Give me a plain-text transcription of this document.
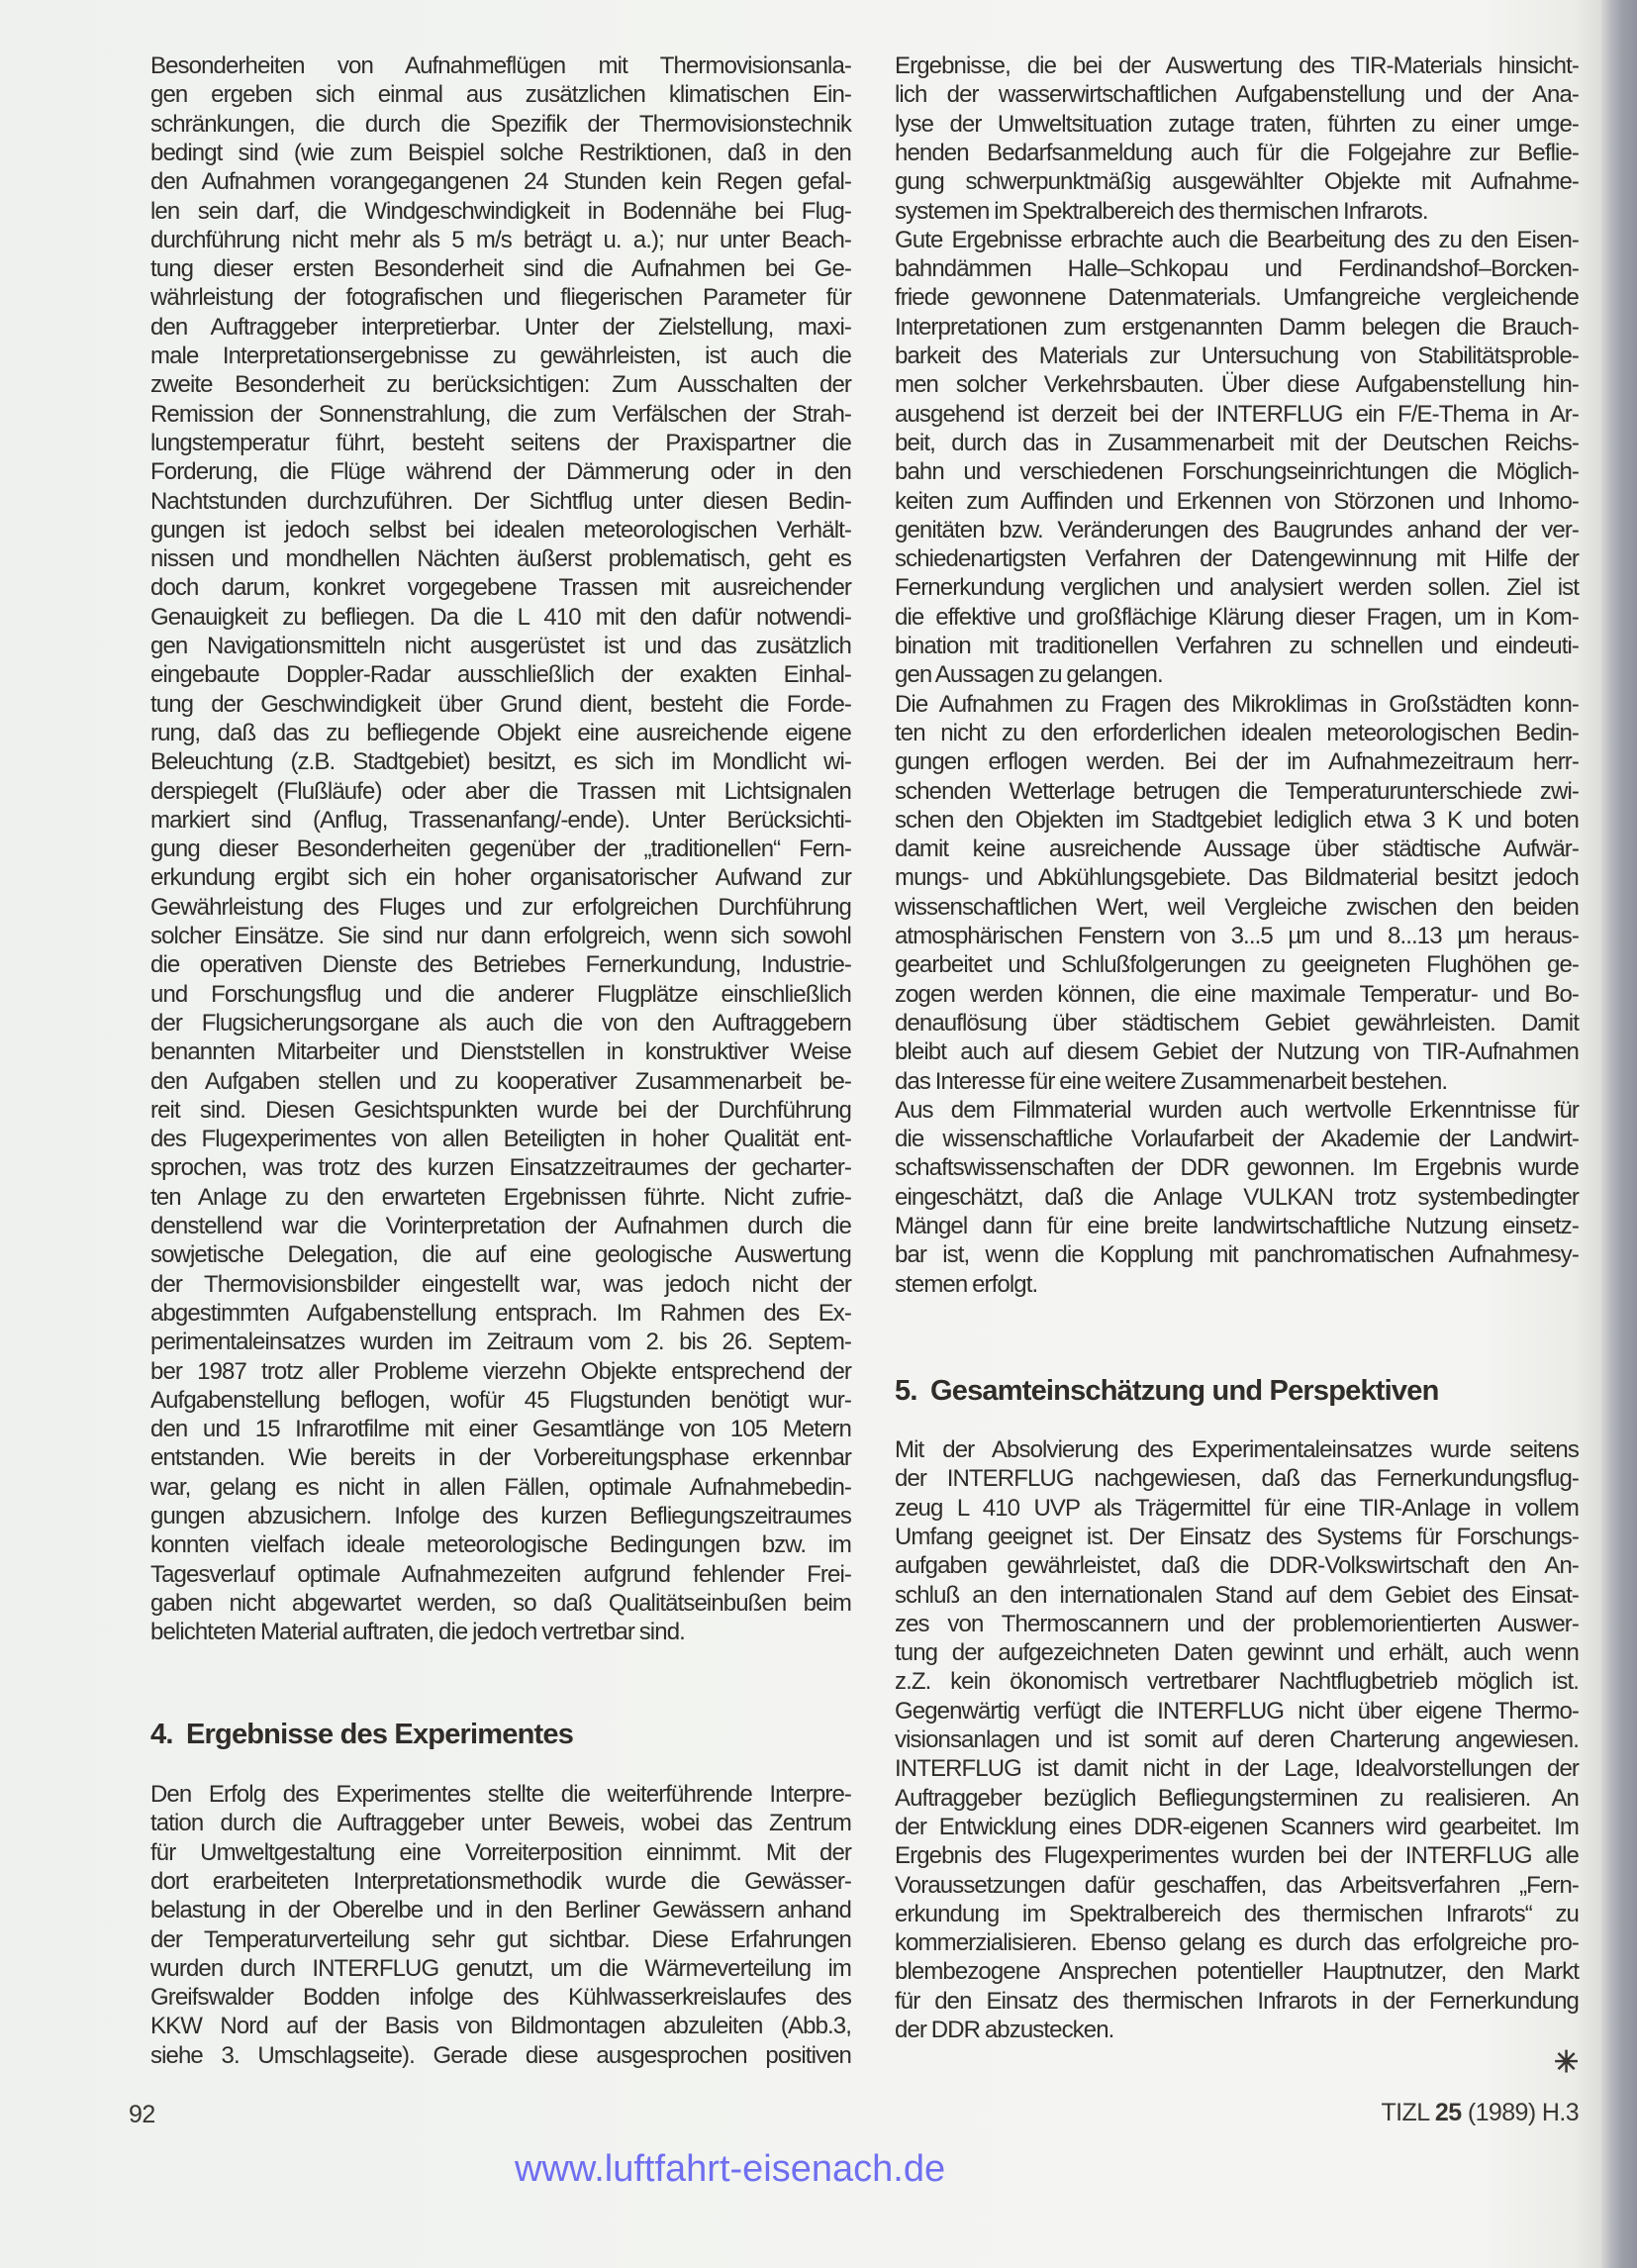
Besonderheiten von Aufnahmeflügen mit Thermovisionsanla-
gen ergeben sich einmal aus zusätzlichen klimatischen Ein-
schränkungen, die durch die Spezifik der Thermovisionstechnik
bedingt sind (wie zum Beispiel solche Restriktionen, daß in den
den Aufnahmen vorangegangenen 24 Stunden kein Regen gefal-
len sein darf, die Windgeschwindigkeit in Bodennähe bei Flug-
durchführung nicht mehr als 5 m/s beträgt u. a.); nur unter Beach-
tung dieser ersten Besonderheit sind die Aufnahmen bei Ge-
währleistung der fotografischen und fliegerischen Parameter für
den Auftraggeber interpretierbar. Unter der Zielstellung, maxi-
male Interpretationsergebnisse zu gewährleisten, ist auch die
zweite Besonderheit zu berücksichtigen: Zum Ausschalten der
Remission der Sonnenstrahlung, die zum Verfälschen der Strah-
lungstemperatur führt, besteht seitens der Praxispartner die
Forderung, die Flüge während der Dämmerung oder in den
Nachtstunden durchzuführen. Der Sichtflug unter diesen Bedin-
gungen ist jedoch selbst bei idealen meteorologischen Verhält-
nissen und mondhellen Nächten äußerst problematisch, geht es
doch darum, konkret vorgegebene Trassen mit ausreichender
Genauigkeit zu befliegen. Da die L 410 mit den dafür notwendi-
gen Navigationsmitteln nicht ausgerüstet ist und das zusätzlich
eingebaute Doppler-Radar ausschließlich der exakten Einhal-
tung der Geschwindigkeit über Grund dient, besteht die Forde-
rung, daß das zu befliegende Objekt eine ausreichende eigene
Beleuchtung (z.B. Stadtgebiet) besitzt, es sich im Mondlicht wi-
derspiegelt (Flußläufe) oder aber die Trassen mit Lichtsignalen
markiert sind (Anflug, Trassenanfang/-ende). Unter Berücksichti-
gung dieser Besonderheiten gegenüber der „traditionellen“ Fern-
erkundung ergibt sich ein hoher organisatorischer Aufwand zur
Gewährleistung des Fluges und zur erfolgreichen Durchführung
solcher Einsätze. Sie sind nur dann erfolgreich, wenn sich sowohl
die operativen Dienste des Betriebes Fernerkundung, Industrie-
und Forschungsflug und die anderer Flugplätze einschließlich
der Flugsicherungsorgane als auch die von den Auftraggebern
benannten Mitarbeiter und Dienststellen in konstruktiver Weise
den Aufgaben stellen und zu kooperativer Zusammenarbeit be-
reit sind. Diesen Gesichtspunkten wurde bei der Durchführung
des Flugexperimentes von allen Beteiligten in hoher Qualität ent-
sprochen, was trotz des kurzen Einsatzzeitraumes der gecharter-
ten Anlage zu den erwarteten Ergebnissen führte. Nicht zufrie-
denstellend war die Vorinterpretation der Aufnahmen durch die
sowjetische Delegation, die auf eine geologische Auswertung
der Thermovisionsbilder eingestellt war, was jedoch nicht der
abgestimmten Aufgabenstellung entsprach. Im Rahmen des Ex-
perimentaleinsatzes wurden im Zeitraum vom 2. bis 26. Septem-
ber 1987 trotz aller Probleme vierzehn Objekte entsprechend der
Aufgabenstellung beflogen, wofür 45 Flugstunden benötigt wur-
den und 15 Infrarotfilme mit einer Gesamtlänge von 105 Metern
entstanden. Wie bereits in der Vorbereitungsphase erkennbar
war, gelang es nicht in allen Fällen, optimale Aufnahmebedin-
gungen abzusichern. Infolge des kurzen Befliegungszeitraumes
konnten vielfach ideale meteorologische Bedingungen bzw. im
Tagesverlauf optimale Aufnahmezeiten aufgrund fehlender Frei-
gaben nicht abgewartet werden, so daß Qualitätseinbußen beim
belichteten Material auftraten, die jedoch vertretbar sind.
4. Ergebnisse des Experimentes
Den Erfolg des Experimentes stellte die weiterführende Interpre-
tation durch die Auftraggeber unter Beweis, wobei das Zentrum
für Umweltgestaltung eine Vorreiterposition einnimmt. Mit der
dort erarbeiteten Interpretationsmethodik wurde die Gewässer-
belastung in der Oberelbe und in den Berliner Gewässern anhand
der Temperaturverteilung sehr gut sichtbar. Diese Erfahrungen
wurden durch INTERFLUG genutzt, um die Wärmeverteilung im
Greifswalder Bodden infolge des Kühlwasserkreislaufes des
KKW Nord auf der Basis von Bildmontagen abzuleiten (Abb.3,
siehe 3. Umschlagseite). Gerade diese ausgesprochen positiven
Ergebnisse, die bei der Auswertung des TIR-Materials hinsicht-
lich der wasserwirtschaftlichen Aufgabenstellung und der Ana-
lyse der Umweltsituation zutage traten, führten zu einer umge-
henden Bedarfsanmeldung auch für die Folgejahre zur Beflie-
gung schwerpunktmäßig ausgewählter Objekte mit Aufnahme-
systemen im Spektralbereich des thermischen Infrarots.
Gute Ergebnisse erbrachte auch die Bearbeitung des zu den Eisen-
bahndämmen Halle–Schkopau und Ferdinandshof–Borcken-
friede gewonnene Datenmaterials. Umfangreiche vergleichende
Interpretationen zum erstgenannten Damm belegen die Brauch-
barkeit des Materials zur Untersuchung von Stabilitätsproble-
men solcher Verkehrsbauten. Über diese Aufgabenstellung hin-
ausgehend ist derzeit bei der INTERFLUG ein F/E-Thema in Ar-
beit, durch das in Zusammenarbeit mit der Deutschen Reichs-
bahn und verschiedenen Forschungseinrichtungen die Möglich-
keiten zum Auffinden und Erkennen von Störzonen und Inhomo-
genitäten bzw. Veränderungen des Baugrundes anhand der ver-
schiedenartigsten Verfahren der Datengewinnung mit Hilfe der
Fernerkundung verglichen und analysiert werden sollen. Ziel ist
die effektive und großflächige Klärung dieser Fragen, um in Kom-
bination mit traditionellen Verfahren zu schnellen und eindeuti-
gen Aussagen zu gelangen.
Die Aufnahmen zu Fragen des Mikroklimas in Großstädten konn-
ten nicht zu den erforderlichen idealen meteorologischen Bedin-
gungen erflogen werden. Bei der im Aufnahmezeitraum herr-
schenden Wetterlage betrugen die Temperaturunterschiede zwi-
schen den Objekten im Stadtgebiet lediglich etwa 3 K und boten
damit keine ausreichende Aussage über städtische Aufwär-
mungs- und Abkühlungsgebiete. Das Bildmaterial besitzt jedoch
wissenschaftlichen Wert, weil Vergleiche zwischen den beiden
atmosphärischen Fenstern von 3...5 µm und 8...13 µm heraus-
gearbeitet und Schlußfolgerungen zu geeigneten Flughöhen ge-
zogen werden können, die eine maximale Temperatur- und Bo-
denauflösung über städtischem Gebiet gewährleisten. Damit
bleibt auch auf diesem Gebiet der Nutzung von TIR-Aufnahmen
das Interesse für eine weitere Zusammenarbeit bestehen.
Aus dem Filmmaterial wurden auch wertvolle Erkenntnisse für
die wissenschaftliche Vorlaufarbeit der Akademie der Landwirt-
schaftswissenschaften der DDR gewonnen. Im Ergebnis wurde
eingeschätzt, daß die Anlage VULKAN trotz systembedingter
Mängel dann für eine breite landwirtschaftliche Nutzung einsetz-
bar ist, wenn die Kopplung mit panchromatischen Aufnahmesy-
stemen erfolgt.
5. Gesamteinschätzung und Perspektiven
Mit der Absolvierung des Experimentaleinsatzes wurde seitens
der INTERFLUG nachgewiesen, daß das Fernerkundungsflug-
zeug L 410 UVP als Trägermittel für eine TIR-Anlage in vollem
Umfang geeignet ist. Der Einsatz des Systems für Forschungs-
aufgaben gewährleistet, daß die DDR-Volkswirtschaft den An-
schluß an den internationalen Stand auf dem Gebiet des Einsat-
zes von Thermoscannern und der problemorientierten Auswer-
tung der aufgezeichneten Daten gewinnt und erhält, auch wenn
z.Z. kein ökonomisch vertretbarer Nachtflugbetrieb möglich ist.
Gegenwärtig verfügt die INTERFLUG nicht über eigene Thermo-
visionsanlagen und ist somit auf deren Charterung angewiesen.
INTERFLUG ist damit nicht in der Lage, Idealvorstellungen der
Auftraggeber bezüglich Befliegungsterminen zu realisieren. An
der Entwicklung eines DDR-eigenen Scanners wird gearbeitet. Im
Ergebnis des Flugexperimentes wurden bei der INTERFLUG alle
Voraussetzungen dafür geschaffen, das Arbeitsverfahren „Fern-
erkundung im Spektralbereich des thermischen Infrarots“ zu
kommerzialisieren. Ebenso gelang es durch das erfolgreiche pro-
blembezogene Ansprechen potentieller Hauptnutzer, den Markt
für den Einsatz des thermischen Infrarots in der Fernerkundung
der DDR abzustecken.
92	TIZL 25 (1989) H.3
✳
www.luftfahrt-eisenach.de
